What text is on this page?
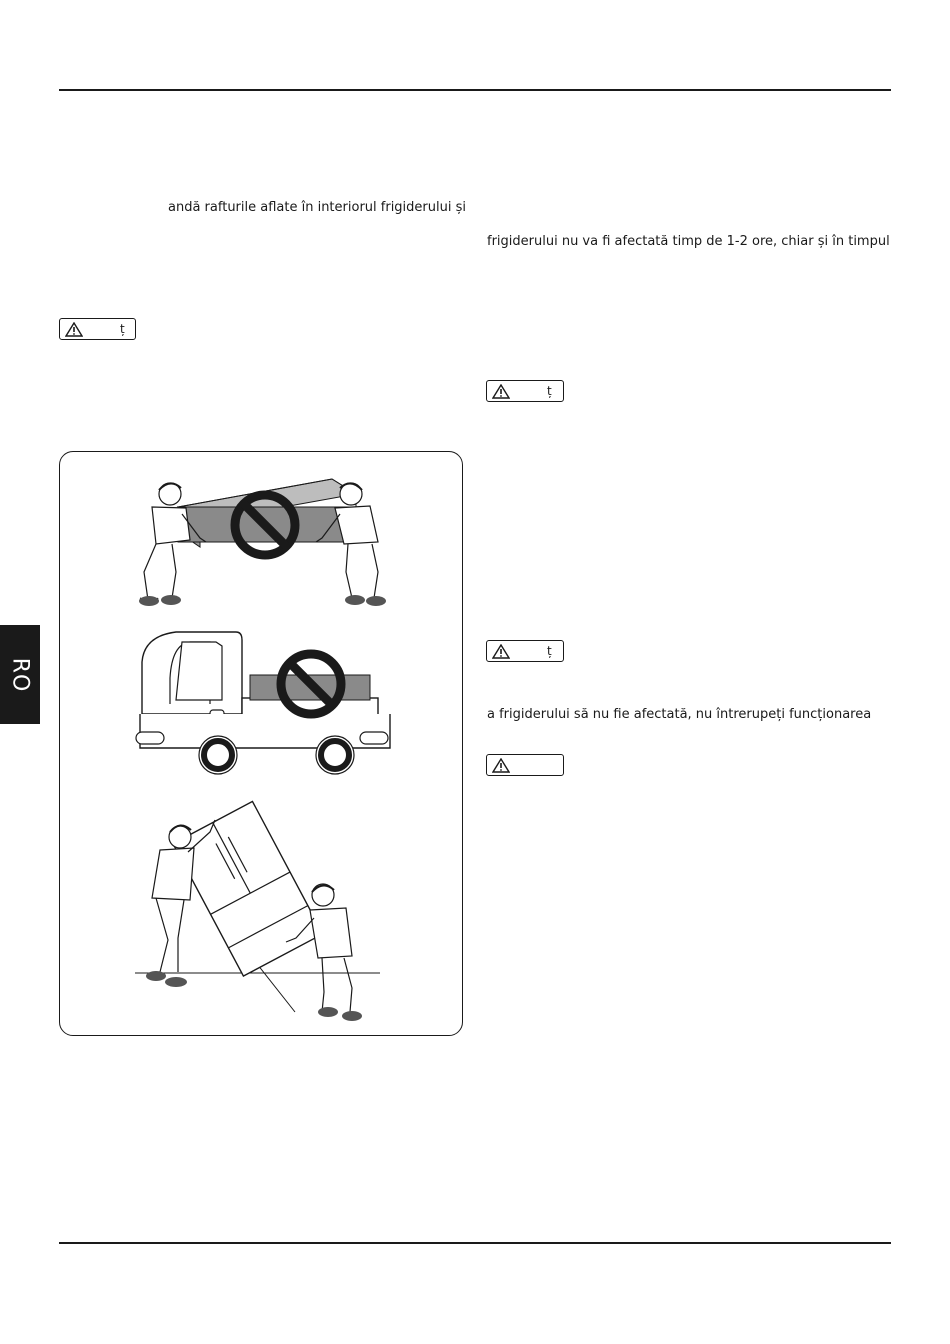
andă rafturile aflate în interiorul frigiderului și
frigiderului nu va fi afectată timp de 1-2 ore, chiar și în timpul
a frigiderului să nu fie afectată, nu întrerupeți funcționarea
ț
ț
ț
RO
